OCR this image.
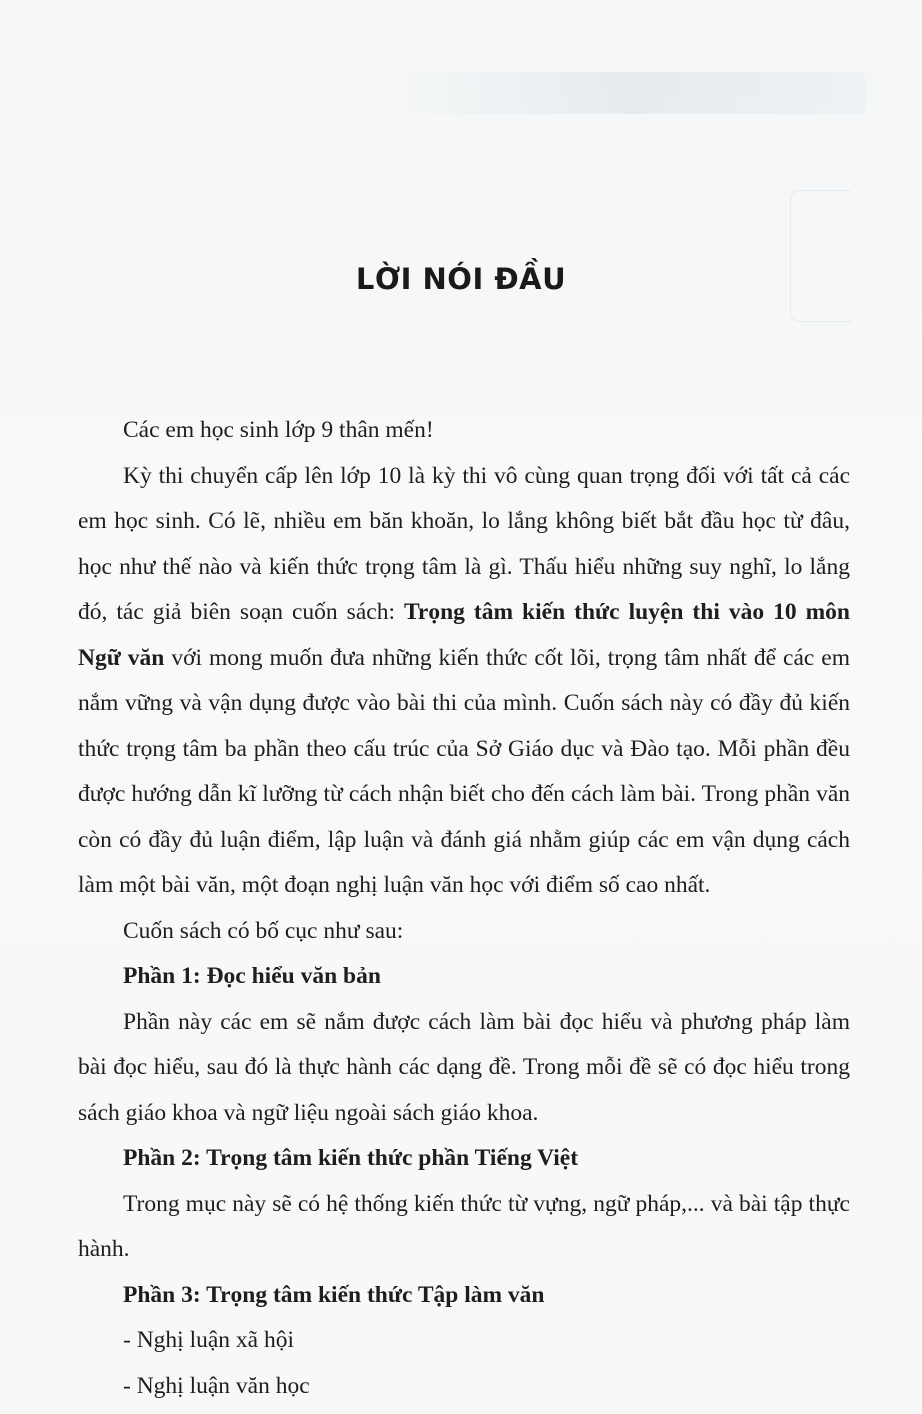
LỜI NÓI ĐẦU

Các em học sinh lớp 9 thân mến!

Kỳ thi chuyển cấp lên lớp 10 là kỳ thi vô cùng quan trọng đối với tất cả các em học sinh. Có lẽ, nhiều em băn khoăn, lo lắng không biết bắt đầu học từ đâu, học như thế nào và kiến thức trọng tâm là gì. Thấu hiểu những suy nghĩ, lo lắng đó, tác giả biên soạn cuốn sách: Trọng tâm kiến thức luyện thi vào 10 môn Ngữ văn với mong muốn đưa những kiến thức cốt lõi, trọng tâm nhất để các em nắm vững và vận dụng được vào bài thi của mình. Cuốn sách này có đầy đủ kiến thức trọng tâm ba phần theo cấu trúc của Sở Giáo dục và Đào tạo. Mỗi phần đều được hướng dẫn kĩ lưỡng từ cách nhận biết cho đến cách làm bài. Trong phần văn còn có đầy đủ luận điểm, lập luận và đánh giá nhằm giúp các em vận dụng cách làm một bài văn, một đoạn nghị luận văn học với điểm số cao nhất.

Cuốn sách có bố cục như sau:

Phần 1: Đọc hiểu văn bản

Phần này các em sẽ nắm được cách làm bài đọc hiểu và phương pháp làm bài đọc hiểu, sau đó là thực hành các dạng đề. Trong mỗi đề sẽ có đọc hiểu trong sách giáo khoa và ngữ liệu ngoài sách giáo khoa.

Phần 2: Trọng tâm kiến thức phần Tiếng Việt

Trong mục này sẽ có hệ thống kiến thức từ vựng, ngữ pháp,... và bài tập thực hành.

Phần 3: Trọng tâm kiến thức Tập làm văn

- Nghị luận xã hội

- Nghị luận văn học
